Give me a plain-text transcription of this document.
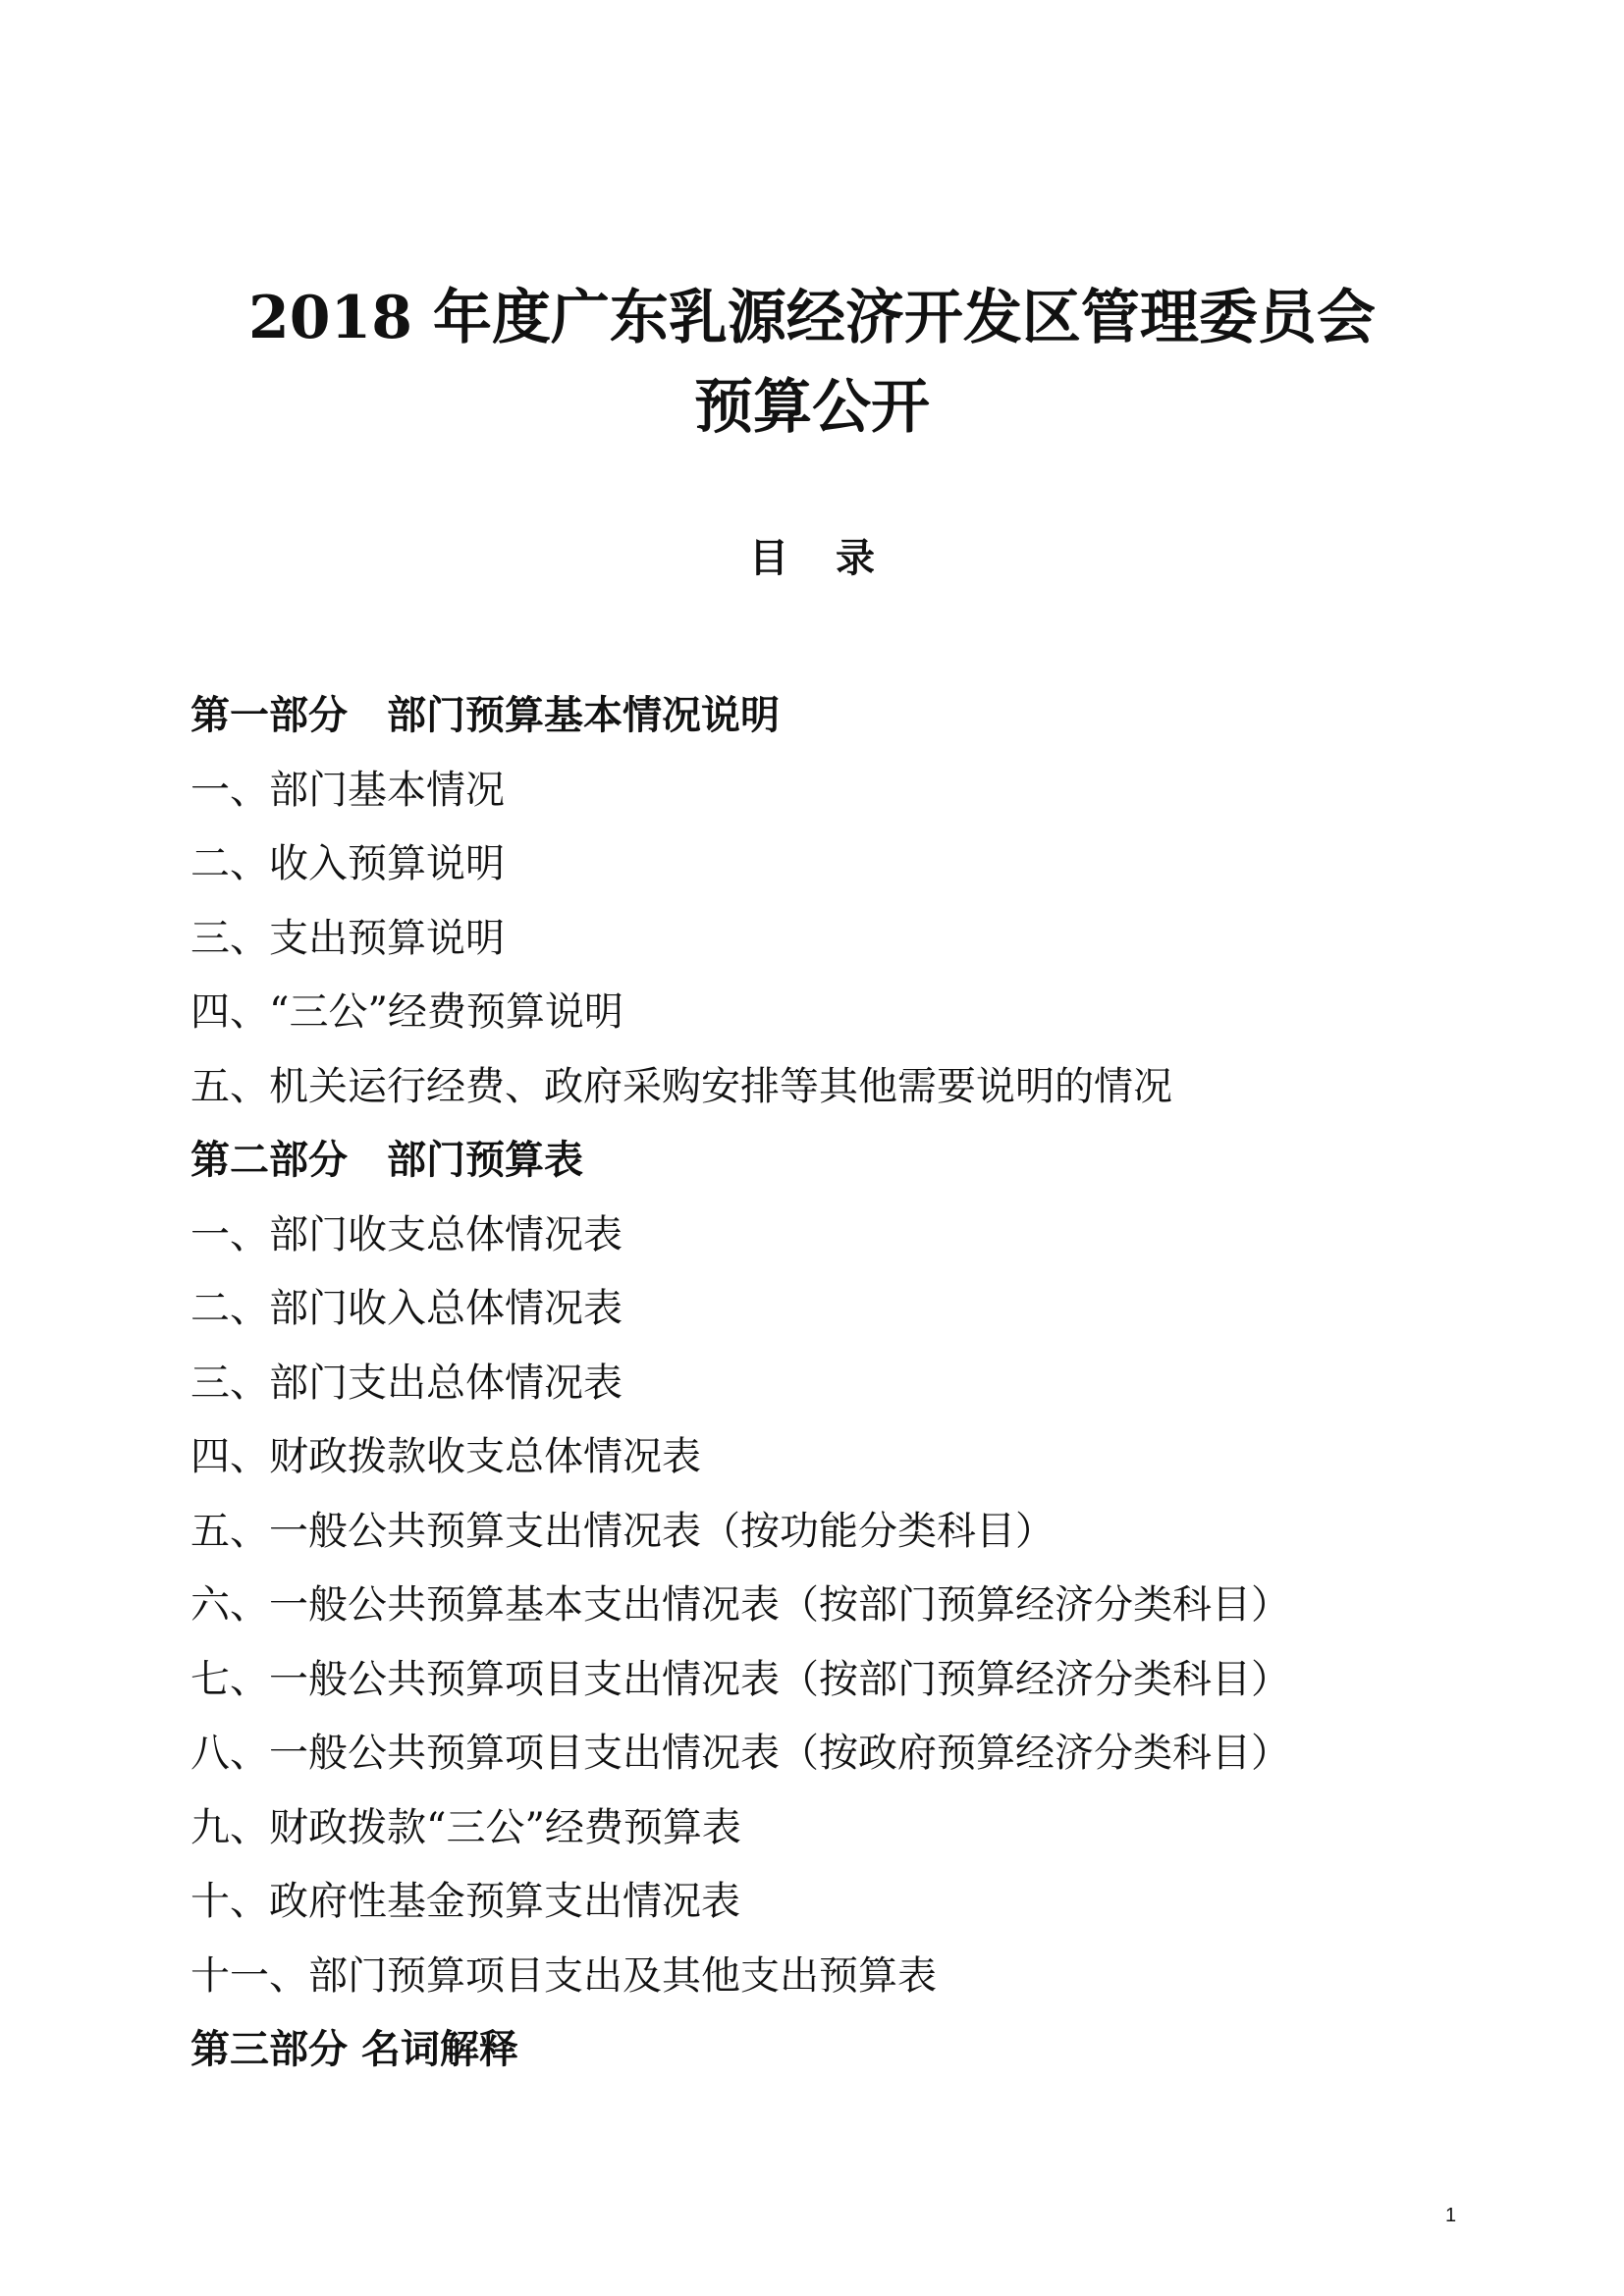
2018 年度广东乳源经济开发区管理委员会
预算公开
目录
第一部分　部门预算基本情况说明
一、部门基本情况
二、收入预算说明
三、支出预算说明
四、“三公”经费预算说明
五、机关运行经费、政府采购安排等其他需要说明的情况
第二部分　部门预算表
一、部门收支总体情况表
二、部门收入总体情况表
三、部门支出总体情况表
四、财政拨款收支总体情况表
五、一般公共预算支出情况表（按功能分类科目）
六、一般公共预算基本支出情况表（按部门预算经济分类科目）
七、一般公共预算项目支出情况表（按部门预算经济分类科目）
八、一般公共预算项目支出情况表（按政府预算经济分类科目）
九、财政拨款“三公”经费预算表
十、政府性基金预算支出情况表
十一、部门预算项目支出及其他支出预算表
第三部分 名词解释
1
